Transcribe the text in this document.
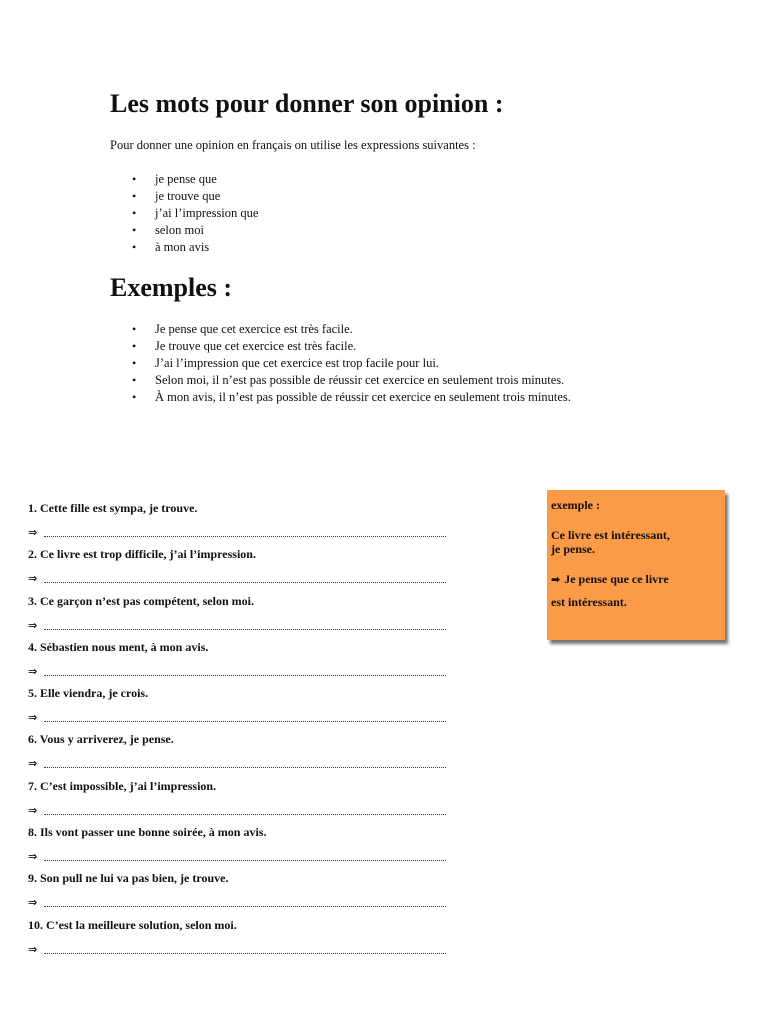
Les mots pour donner son opinion :

Pour donner une opinion en français on utilise les expressions suivantes :

• je pense que
• je trouve que
• j’ai l’impression que
• selon moi
• à mon avis
Exemples :
• Je pense que cet exercice est très facile.
• Je trouve que cet exercice est très facile.
• J’ai l’impression que cet exercice est trop facile pour lui.
• Selon moi, il n’est pas possible de réussir cet exercice en seulement trois minutes.
• À mon avis, il n’est pas possible de réussir cet exercice en seulement trois minutes.
1. Cette fille est sympa, je trouve.
⇒
2. Ce livre est trop difficile, j’ai l’impression.
⇒
3. Ce garçon n’est pas compétent, selon moi.
⇒
4. Sébastien nous ment, à mon avis.
⇒
5. Elle viendra, je crois.
⇒
6. Vous y arriverez, je pense.
⇒
7. C’est impossible, j’ai l’impression.
⇒
8. Ils vont passer une bonne soirée, à mon avis.
⇒
9. Son pull ne lui va pas bien, je trouve.
⇒
10. C’est la meilleure solution, selon moi.
⇒

exemple :

Ce livre est intéressant,

je pense.

➡ Je pense que ce livre

est intéressant.
